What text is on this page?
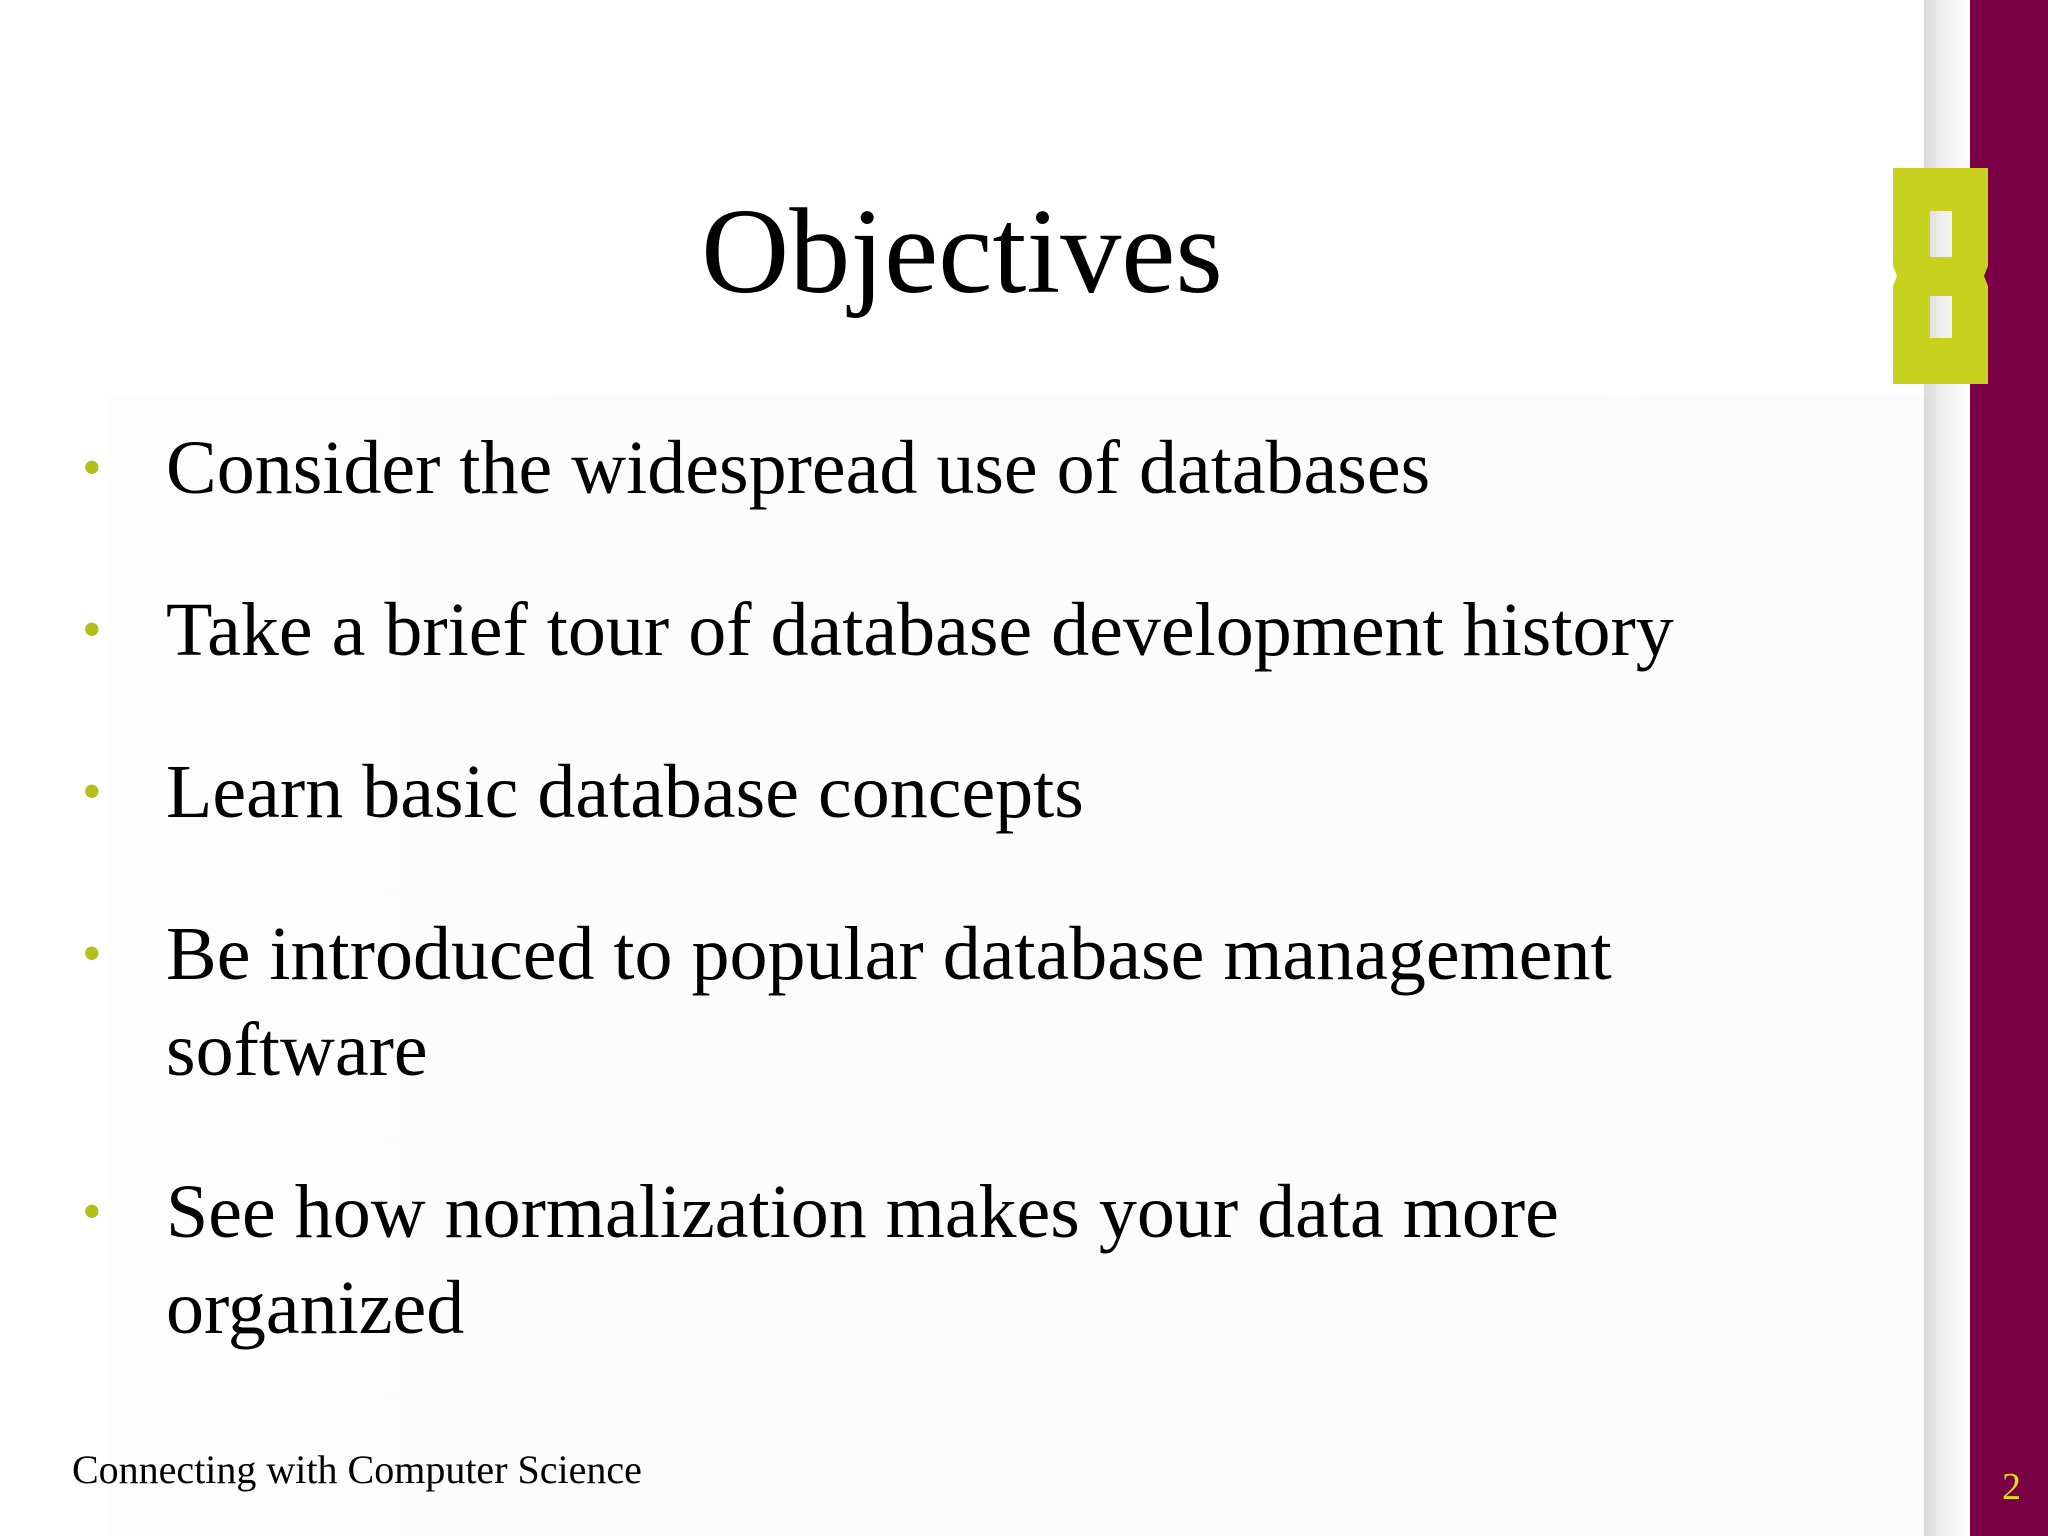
Objectives
• Consider the widespread use of databases
• Take a brief tour of database development history
• Learn basic database concepts
• Be introduced to popular database management software
• See how normalization makes your data more organized
Connecting with Computer Science	2
